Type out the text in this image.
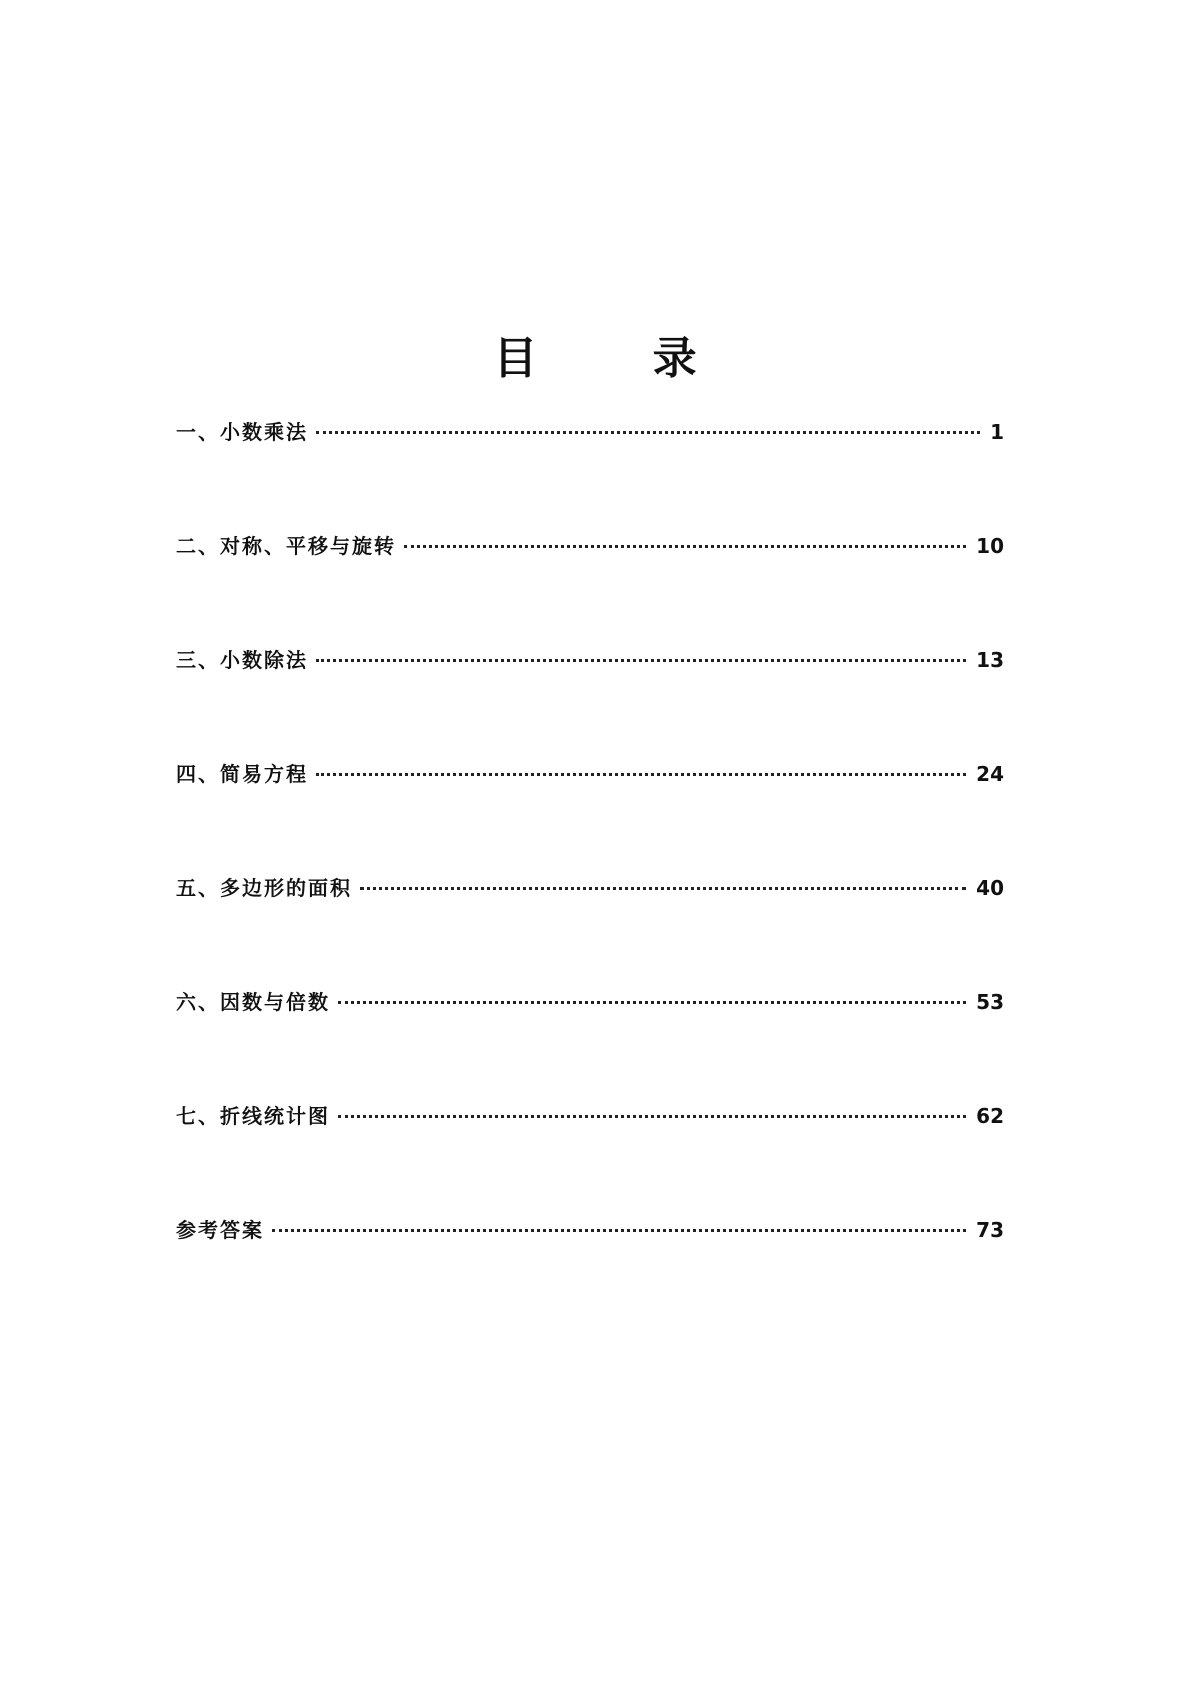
目 录
一、小数乘法	1
二、对称、平移与旋转	10
三、小数除法	13
四、简易方程	24
五、多边形的面积	40
六、因数与倍数	53
七、折线统计图	62
参考答案	73
